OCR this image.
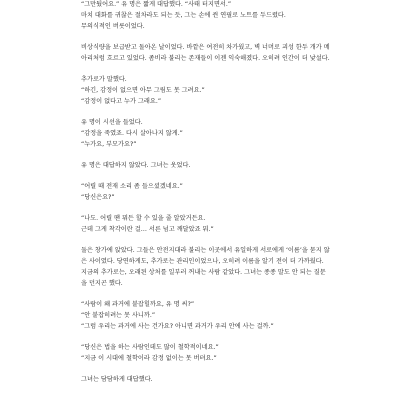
“그만뒀어요.” 유 명은 짧게 대답했다. “사태 터지면서.”
마치 대화를 귀찮은 절차라도 되는 듯, 그는 손에 쥔 연필로 노트를 두드렸다.
무의식적인 버릇이었다.
비상식량을 보급받고 돌아온 날이었다. 바깥은 여전히 차가웠고, 벽 너머로 괴성 한두 개가 메
아리처럼 흐르고 있었다. 좀비라 불리는 존재들이 이젠 익숙해졌다. 오히려 인간이 더 낯설다.
추가로가 말했다.
“하긴, 감정이 없으면 아무 그림도 못 그려요.”
“감정이 없다고 누가 그래요.”
유 명이 시선을 들었다.
“감정을 죽였죠. 다시 살아나지 않게.”
“누가요, 부모가요?”
유 명은 대답하지 않았다. 그녀는 웃었다.
“어릴 때 전재 소리 좀 들으셨겠네요.”
“당신은요?”
“나도. 어릴 땐 뭐든 할 수 있을 줄 알았거든요.
근데 그게 착각이란 걸… 서른 넘고 깨달았죠 뭐.”
둘은 창가에 앉았다. 그들은 안전지대라 불리는 이곳에서 유일하게 서로에게 ‘이름’을 묻지 않
은 사이였다. 당연하게도, 추가로는 관리인이었으나, 오히려 이름을 알기 전이 더 가까웠다.
지금의 추가로는, 오래된 상처를 일부러 꺼내는 사람 같았다. 그녀는 종종 말도 안 되는 질문
을 던지곤 했다.
“사람이 왜 과거에 붙잡힐까요, 유 명 씨?”
“안 붙잡히려는 못 사니까.”
“그럼 우리는 과거에 사는 건가요? 아니면 과거가 우리 안에 사는 걸까.”
“당신은 법을 하는 사람인데도 많이 철학적이네요.”
“지금 이 시대에 철학이라 감정 없이는 못 버텨요.”
그녀는 담담하게 대답했다.
